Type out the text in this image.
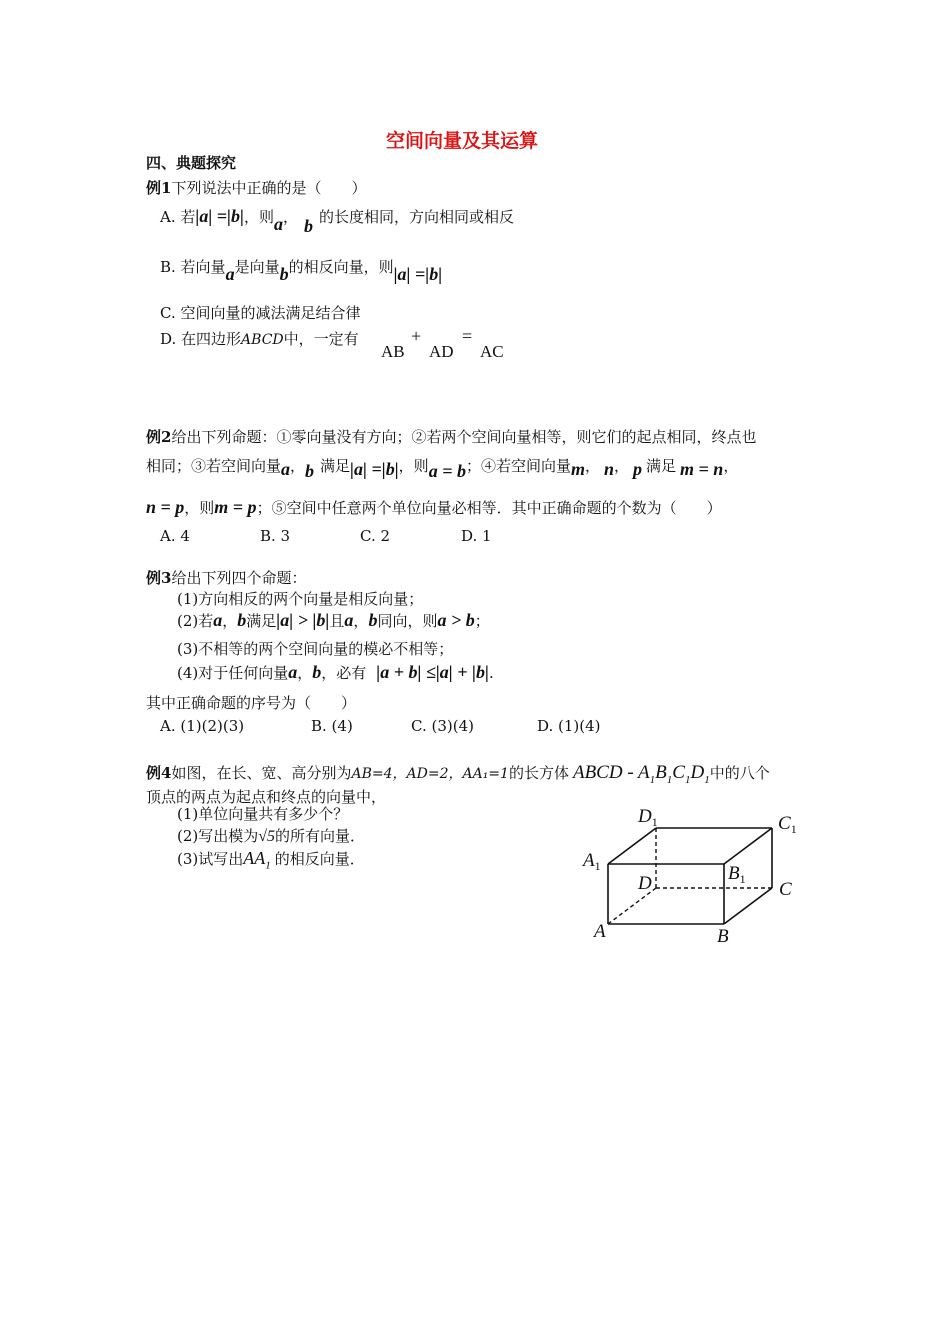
空间向量及其运算
四、典题探究
例1下列说法中正确的是（　　）
A. 若|a| =|b|，则a， b 的长度相同，方向相同或相反
B. 若向量a是向量b的相反向量，则|a| =|b|
C. 空间向量的减法满足结合律
D. 在四边形ABCD中，一定有
AB
+
AD
=
AC
例2给出下列命题：①零向量没有方向；②若两个空间向量相等，则它们的起点相同，终点也
相同；③若空间向量a，b 满足|a| =|b|，则a = b；④若空间向量m， n， p 满足 m = n，
n = p，则m = p；⑤空间中任意两个单位向量必相等．其中正确命题的个数为（　　）
A. 4	B. 3	C. 2	D. 1
例3给出下列四个命题：
(1)方向相反的两个向量是相反向量；
(2)若a，b满足|a| > |b|且a，b同向，则a > b；
(3)不相等的两个空间向量的模必不相等；
(4)对于任何向量a，b，必有 |a + b| ≤|a| + |b|.
其中正确命题的序号为（　　）
A. (1)(2)(3)	B. (4)	C. (3)(4)	D. (1)(4)
例4如图，在长、宽、高分别为AB=4，AD=2，AA₁=1的长方体 ABCD - $A_1B_1C_1D_1$中的八个
顶点的两点为起点和终点的向量中，
(1)单位向量共有多少个？
(2)写出模为√5的所有向量．
(3)试写出$AA_1$ 的相反向量．
$D_1$	$C_1$
$A_1$	$B_1$
D	C
A	B
